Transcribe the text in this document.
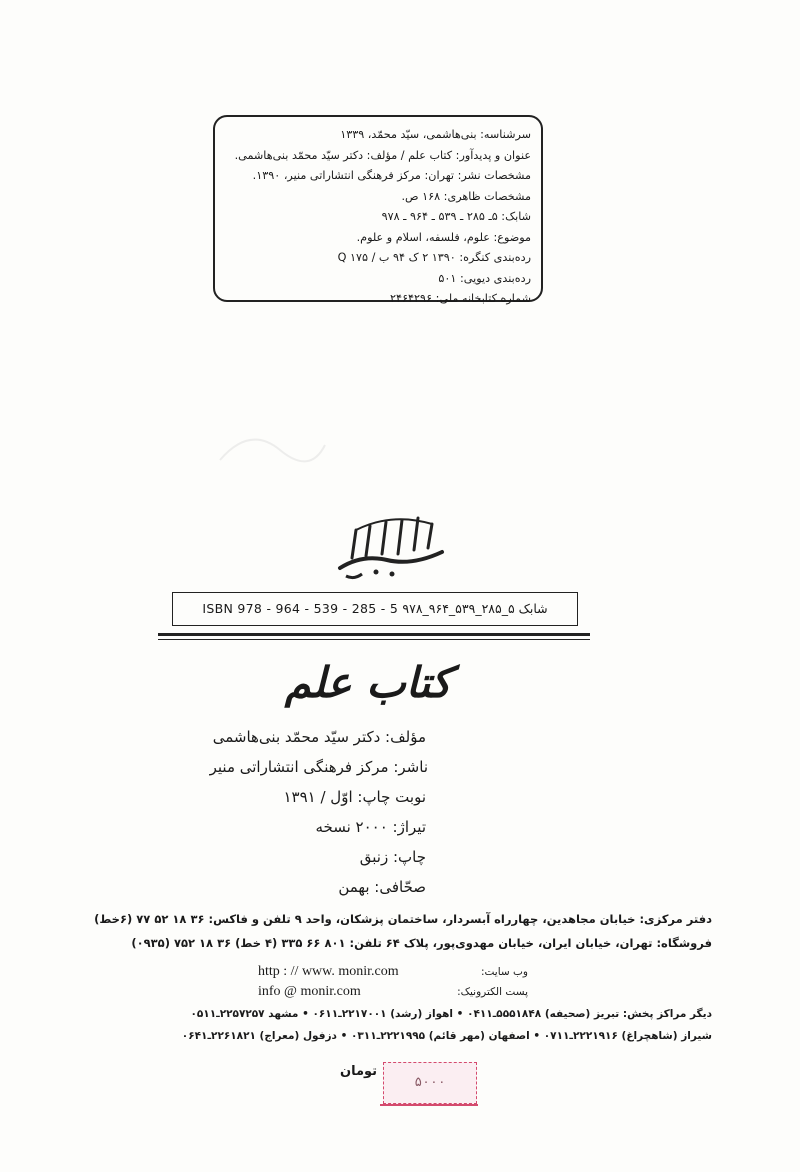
سرشناسه: بنی‌هاشمی، سیّد محمّد، ۱۳۳۹
عنوان و پدیدآور: کتاب علم / مؤلف: دکتر سیّد محمّد بنی‌هاشمی.
مشخصات نشر: تهران: مرکز فرهنگی انتشاراتی منیر، ۱۳۹۰.
مشخصات ظاهری: ۱۶۸ ص.
شابک: ۵ـ ۲۸۵ ـ ۵۳۹ ـ ۹۶۴ ـ ۹۷۸
موضوع: علوم، فلسفه، اسلام و علوم.
رده‌بندی کنگره: ۱۳۹۰ ۲ ک ۹۴ ب / Q ۱۷۵
رده‌بندی دیویی: ۵۰۱
شماره کتابخانه ملی: ۲۴۶۴۲۹۶
ISBN 978 - 964 - 539 - 285 - 5 ۹۷۸_۹۶۴_۵۳۹_۲۸۵_۵ شابک
کتاب علم
مؤلف: دکتر سیّد محمّد بنی‌هاشمی
ناشر: مرکز فرهنگی انتشاراتی منیر
نوبت چاپ: اوّل / ۱۳۹۱
تیراژ: ۲۰۰۰ نسخه
چاپ: زنبق
صحّافی: بهمن
دفتر مرکزی: خیابان مجاهدین، چهارراه آبسردار، ساختمان پزشکان، واحد ۹ تلفن و فاکس: ۳۶ ۱۸ ۵۲ ۷۷ (۶خط)
فروشگاه: تهران، خیابان ایران، خیابان مهدوی‌پور، پلاک ۶۴ تلفن: ۸۰۱ ۶۶ ۳۳۵ (۴ خط) ۳۶ ۱۸ ۷۵۲ (۰۹۳۵)
http : // www. monir.com	وب سایت:
info @ monir.com	پست الکترونیک:
دیگر مراکز پخش: تبریز (صحیفه) ۵۵۵۱۸۴۸ـ۰۴۱۱ • اهواز (رشد) ۲۲۱۷۰۰۱ـ۰۶۱۱ • مشهد ۲۲۵۷۲۵۷ـ۰۵۱۱
شیراز (شاهچراغ) ۲۲۲۱۹۱۶ـ۰۷۱۱ • اصفهان (مهر قائم) ۲۲۲۱۹۹۵ـ۰۳۱۱ • دزفول (معراج) ۲۲۶۱۸۲۱ـ۰۶۴۱
تومان
۵۰۰۰
